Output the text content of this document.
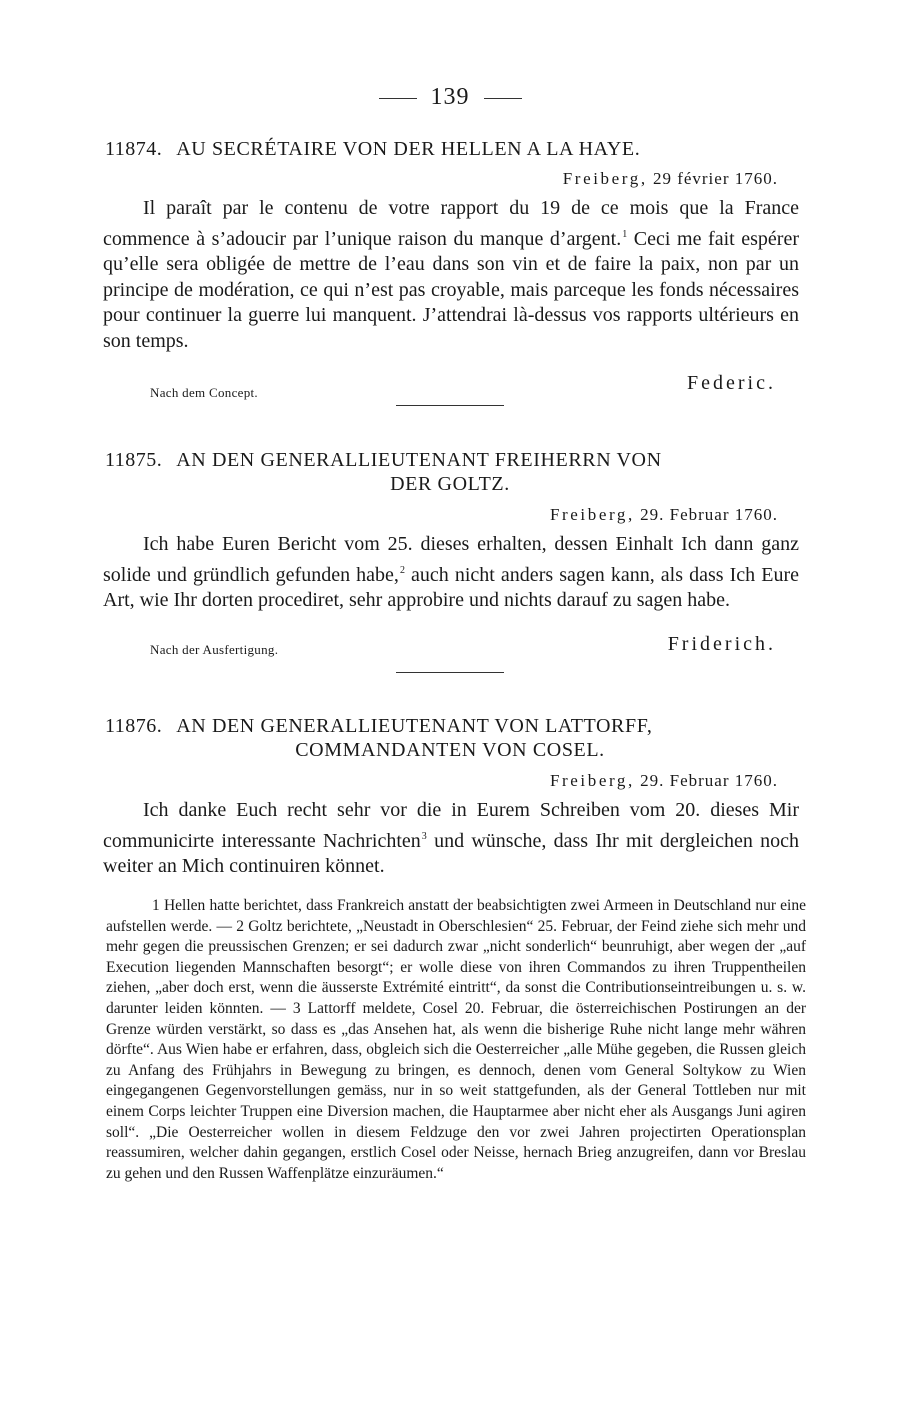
139
11874. AU SECRÉTAIRE VON DER HELLEN A LA HAYE.
Freiberg, 29 février 1760.
Il paraît par le contenu de votre rapport du 19 de ce mois que la France commence à s’adoucir par l’unique raison du manque d’argent.$^1$ Ceci me fait espérer qu’elle sera obligée de mettre de l’eau dans son vin et de faire la paix, non par un principe de modération, ce qui n’est pas croyable, mais parceque les fonds nécessaires pour continuer la guerre lui manquent. J’attendrai là-dessus vos rapports ultérieurs en son temps.
Nach dem Concept.	Federic.
11875. AN DEN GENERALLIEUTENANT FREIHERRN VON
DER GOLTZ.
Freiberg, 29. Februar 1760.
Ich habe Euren Bericht vom 25. dieses erhalten, dessen Einhalt Ich dann ganz solide und gründlich gefunden habe,$^2$ auch nicht anders sagen kann, als dass Ich Eure Art, wie Ihr dorten procediret, sehr approbire und nichts darauf zu sagen habe.
Nach der Ausfertigung.	Friderich.
11876. AN DEN GENERALLIEUTENANT VON LATTORFF,
COMMANDANTEN VON COSEL.
Freiberg, 29. Februar 1760.
Ich danke Euch recht sehr vor die in Eurem Schreiben vom 20. dieses Mir communicirte interessante Nachrichten$^3$ und wünsche, dass Ihr mit dergleichen noch weiter an Mich continuiren könnet.
1 Hellen hatte berichtet, dass Frankreich anstatt der beabsichtigten zwei Armeen in Deutschland nur eine aufstellen werde. — 2 Goltz berichtete, „Neustadt in Oberschlesien“ 25. Februar, der Feind ziehe sich mehr und mehr gegen die preussischen Grenzen; er sei dadurch zwar „nicht sonderlich“ beunruhigt, aber wegen der „auf Execution liegenden Mannschaften besorgt“; er wolle diese von ihren Commandos zu ihren Truppentheilen ziehen, „aber doch erst, wenn die äusserste Extrémité eintritt“, da sonst die Contributionseintreibungen u. s. w. darunter leiden könnten. — 3 Lattorff meldete, Cosel 20. Februar, die österreichischen Postirungen an der Grenze würden verstärkt, so dass es „das Ansehen hat, als wenn die bisherige Ruhe nicht lange mehr währen dörfte“. Aus Wien habe er erfahren, dass, obgleich sich die Oesterreicher „alle Mühe gegeben, die Russen gleich zu Anfang des Frühjahrs in Bewegung zu bringen, es dennoch, denen vom General Soltykow zu Wien eingegangenen Gegenvorstellungen gemäss, nur in so weit stattgefunden, als der General Tottleben nur mit einem Corps leichter Truppen eine Diversion machen, die Hauptarmee aber nicht eher als Ausgangs Juni agiren soll“. „Die Oesterreicher wollen in diesem Feldzuge den vor zwei Jahren projectirten Operationsplan reassumiren, welcher dahin gegangen, erstlich Cosel oder Neisse, hernach Brieg anzugreifen, dann vor Breslau zu gehen und den Russen Waffenplätze einzuräumen.“
